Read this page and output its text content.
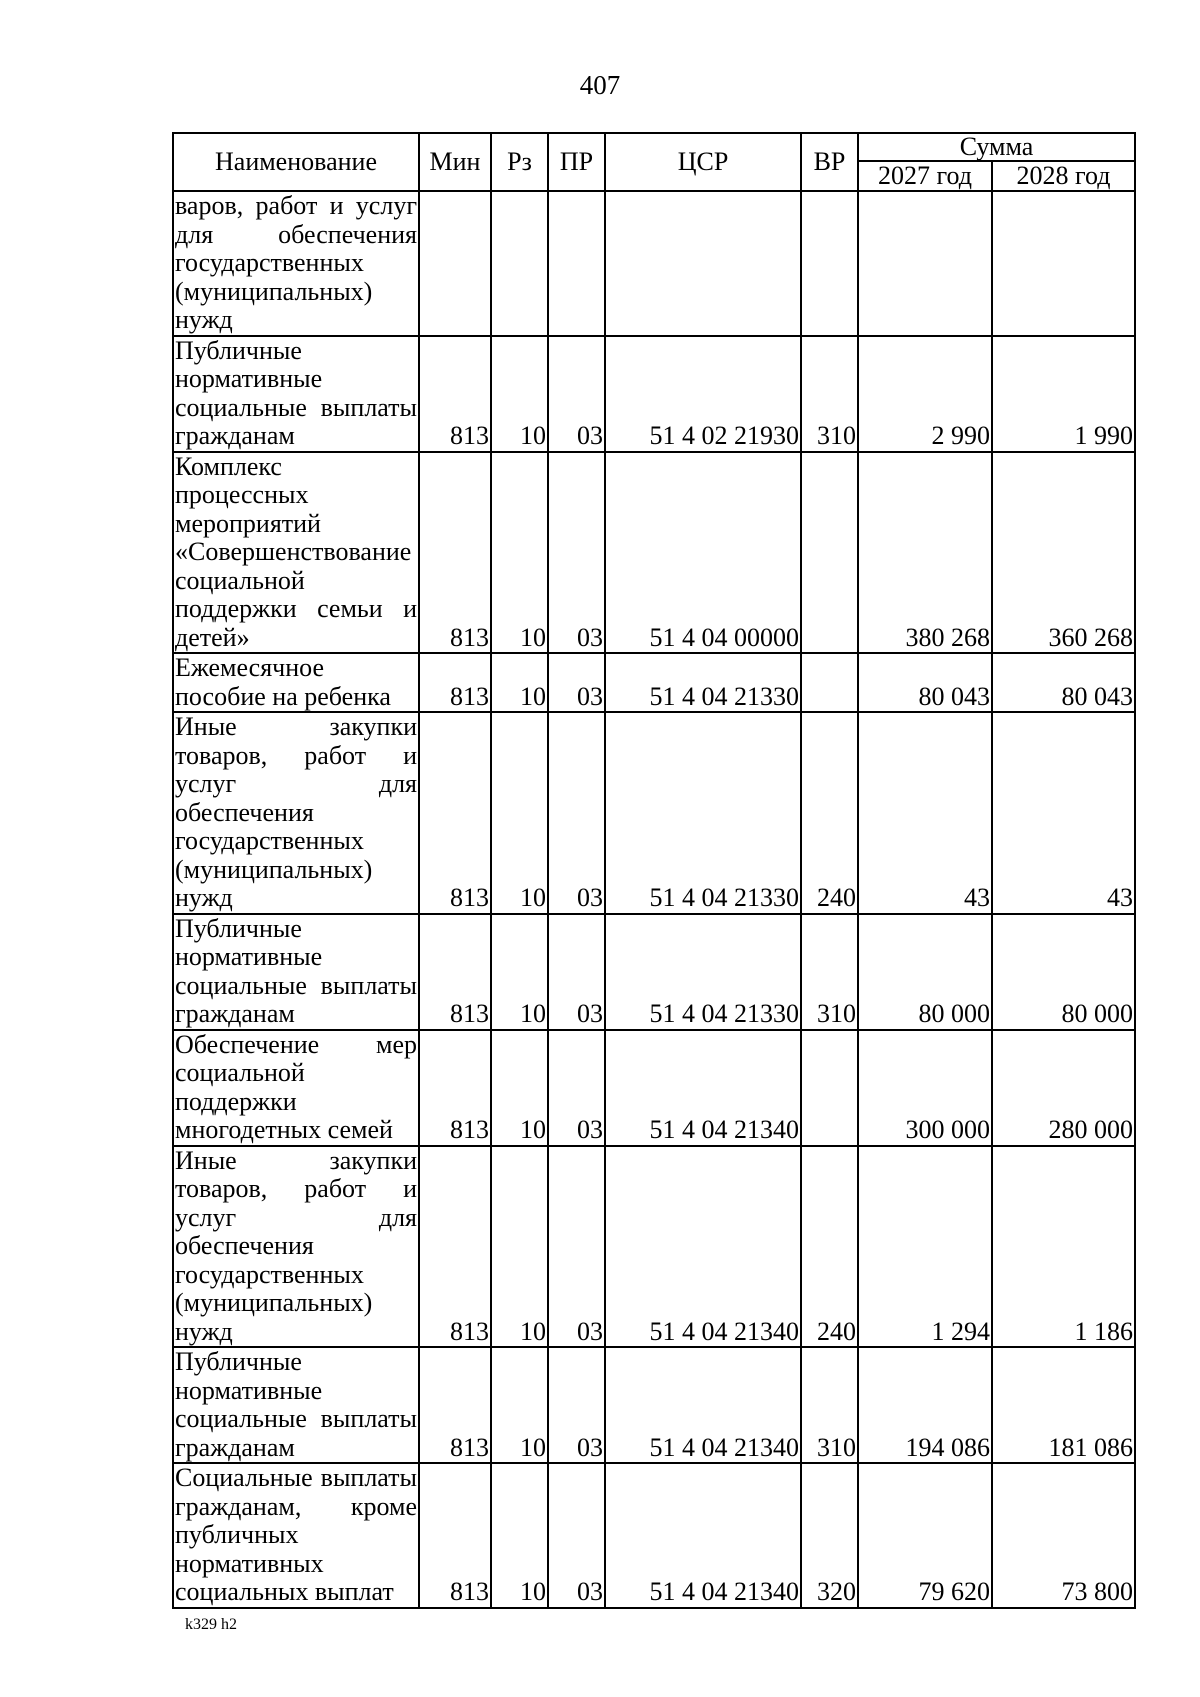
407
Наименование	Мин	Рз	ПР	ЦСР	ВР	Сумма	
						2027 год	2028 год
варов, работ и услуг для обеспечения государственных (муниципальных) нужд							
Публичные нормативные социальные выплаты гражданам	813	10	03	51 4 02 21930	310	2 990	1 990
Комплекс процессных мероприятий «Совершенствование социальной поддержки семьи и детей»	813	10	03	51 4 04 00000		380 268	360 268
Ежемесячное пособие на ребенка	813	10	03	51 4 04 21330		80 043	80 043
Иные закупки товаров, работ и услуг для обеспечения государственных (муниципальных) нужд	813	10	03	51 4 04 21330	240	43	43
Публичные нормативные социальные выплаты гражданам	813	10	03	51 4 04 21330	310	80 000	80 000
Обеспечение мер социальной поддержки многодетных семей	813	10	03	51 4 04 21340		300 000	280 000
Иные закупки товаров, работ и услуг для обеспечения государственных (муниципальных) нужд	813	10	03	51 4 04 21340	240	1 294	1 186
Публичные нормативные социальные выплаты гражданам	813	10	03	51 4 04 21340	310	194 086	181 086
Социальные выплаты гражданам, кроме публичных нормативных социальных выплат	813	10	03	51 4 04 21340	320	79 620	73 800
k329 h2
